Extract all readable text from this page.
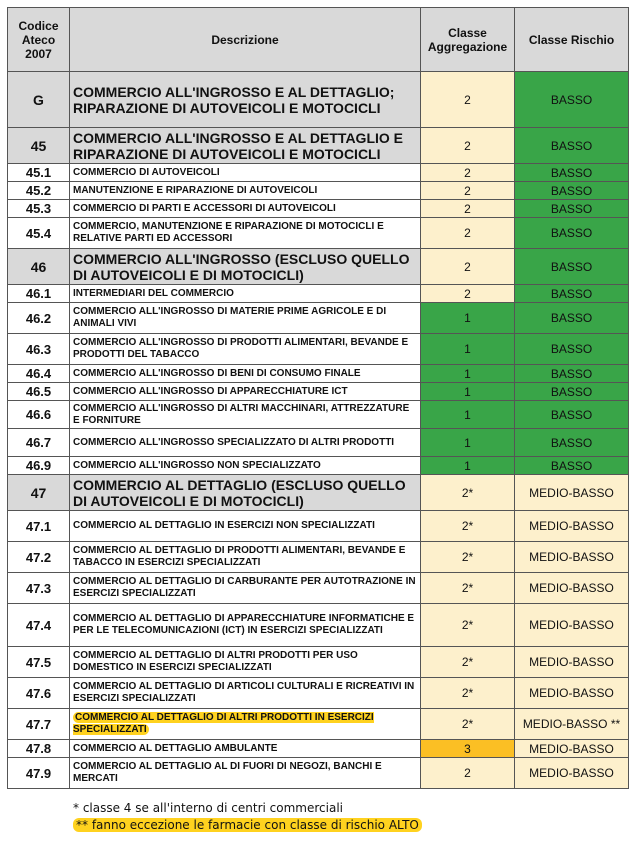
Codice Ateco 2007	Descrizione	Classe Aggregazione	Classe Rischio
G	COMMERCIO ALL'INGROSSO E AL DETTAGLIO; RIPARAZIONE DI AUTOVEICOLI E MOTOCICLI	2	BASSO
45	COMMERCIO ALL'INGROSSO E AL DETTAGLIO E RIPARAZIONE DI AUTOVEICOLI E MOTOCICLI	2	BASSO
45.1	COMMERCIO DI AUTOVEICOLI	2	BASSO
45.2	MANUTENZIONE E RIPARAZIONE DI AUTOVEICOLI	2	BASSO
45.3	COMMERCIO DI PARTI E ACCESSORI DI AUTOVEICOLI	2	BASSO
45.4	COMMERCIO, MANUTENZIONE E RIPARAZIONE DI MOTOCICLI E RELATIVE PARTI ED ACCESSORI	2	BASSO
46	COMMERCIO ALL'INGROSSO (ESCLUSO QUELLO DI AUTOVEICOLI E DI MOTOCICLI)	2	BASSO
46.1	INTERMEDIARI DEL COMMERCIO	2	BASSO
46.2	COMMERCIO ALL'INGROSSO DI MATERIE PRIME AGRICOLE E DI ANIMALI VIVI	1	BASSO
46.3	COMMERCIO ALL'INGROSSO DI PRODOTTI ALIMENTARI, BEVANDE E PRODOTTI DEL TABACCO	1	BASSO
46.4	COMMERCIO ALL'INGROSSO DI BENI DI CONSUMO FINALE	1	BASSO
46.5	COMMERCIO ALL'INGROSSO DI APPARECCHIATURE ICT	1	BASSO
46.6	COMMERCIO ALL'INGROSSO DI ALTRI MACCHINARI, ATTREZZATURE E FORNITURE	1	BASSO
46.7	COMMERCIO ALL'INGROSSO SPECIALIZZATO DI ALTRI PRODOTTI	1	BASSO
46.9	COMMERCIO ALL'INGROSSO NON SPECIALIZZATO	1	BASSO
47	COMMERCIO AL DETTAGLIO (ESCLUSO QUELLO DI AUTOVEICOLI E DI MOTOCICLI)	2*	MEDIO-BASSO
47.1	COMMERCIO AL DETTAGLIO IN ESERCIZI NON SPECIALIZZATI	2*	MEDIO-BASSO
47.2	COMMERCIO AL DETTAGLIO DI PRODOTTI ALIMENTARI, BEVANDE E TABACCO IN ESERCIZI SPECIALIZZATI	2*	MEDIO-BASSO
47.3	COMMERCIO AL DETTAGLIO DI CARBURANTE PER AUTOTRAZIONE IN ESERCIZI SPECIALIZZATI	2*	MEDIO-BASSO
47.4	COMMERCIO AL DETTAGLIO DI APPARECCHIATURE INFORMATICHE E PER LE TELECOMUNICAZIONI (ICT) IN ESERCIZI SPECIALIZZATI	2*	MEDIO-BASSO
47.5	COMMERCIO AL DETTAGLIO DI ALTRI PRODOTTI PER USO DOMESTICO IN ESERCIZI SPECIALIZZATI	2*	MEDIO-BASSO
47.6	COMMERCIO AL DETTAGLIO DI ARTICOLI CULTURALI E RICREATIVI IN ESERCIZI SPECIALIZZATI	2*	MEDIO-BASSO
47.7	COMMERCIO AL DETTAGLIO DI ALTRI PRODOTTI IN ESERCIZI SPECIALIZZATI	2*	MEDIO-BASSO **
47.8	COMMERCIO AL DETTAGLIO AMBULANTE	3	MEDIO-BASSO
47.9	COMMERCIO AL DETTAGLIO AL DI FUORI DI NEGOZI, BANCHI E MERCATI	2	MEDIO-BASSO
* classe 4 se all'interno di centri commerciali
** fanno eccezione le farmacie con classe di rischio ALTO
